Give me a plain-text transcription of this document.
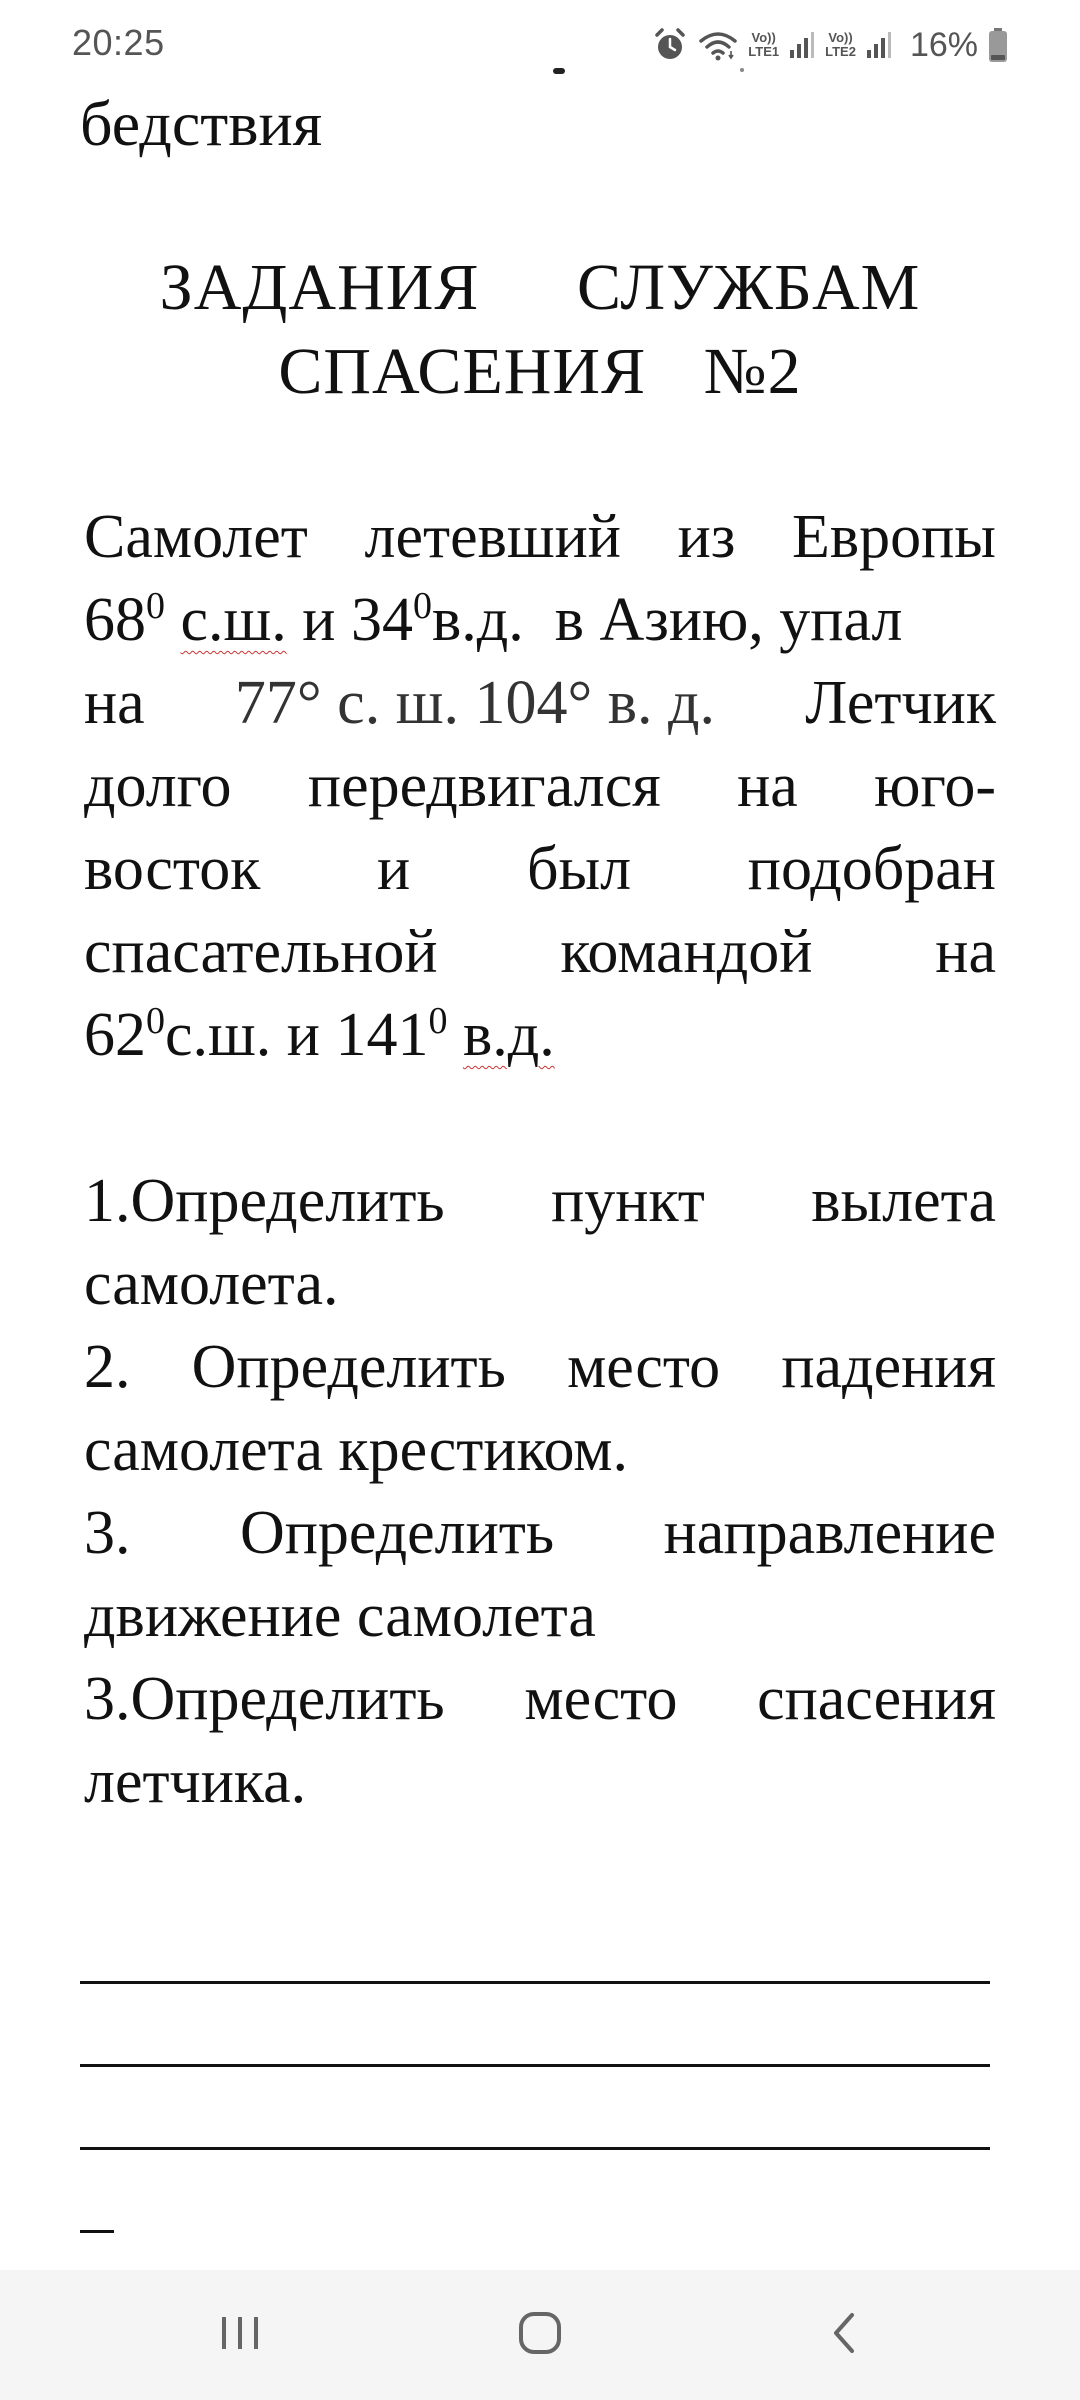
бедствия
ЗАДАНИЯ СЛУЖБАМ
СПАСЕНИЯ №2
Самолет летевший из Европы
$68^0$ с.ш. и $34^0в.д$.  в Азию, упал
на 77° с. ш. 104° в. д. Летчик
долго передвигался на юго-
восток и был подобран
спасательной командой на
$62^0с.ш$. и $141^0$ в.д.
1.Определить пункт вылета
самолета.
2. Определить место падения
самолета крестиком.
3. Определить направление
движение самолета
3.Определить место спасения
летчика.
20:25	Vo))
LTE1
Vo))
LTE2 16%
